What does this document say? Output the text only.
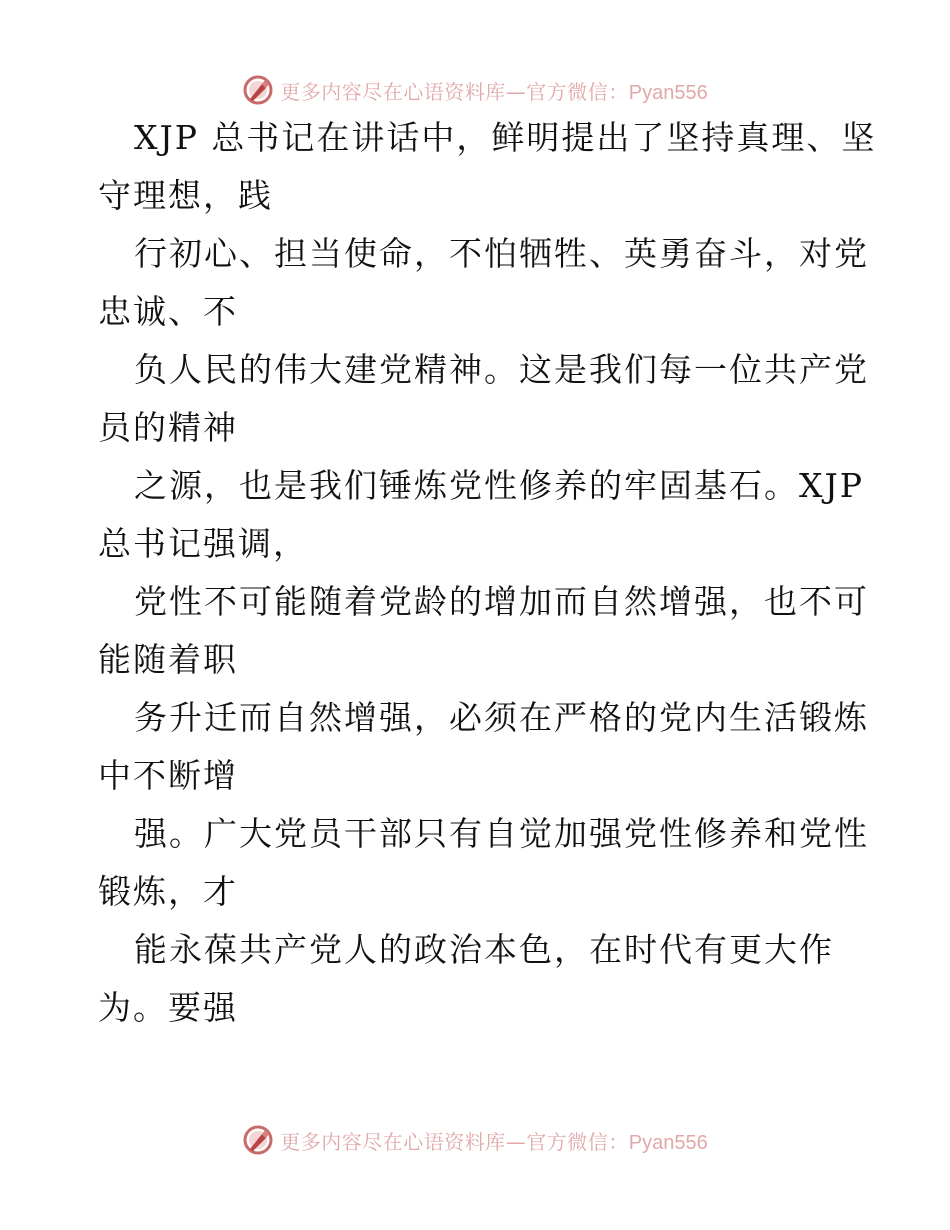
更多内容尽在心语资料库—官方微信：Pyan556
XJP 总书记在讲话中，鲜明提出了坚持真理、坚
守理想，践
行初心、担当使命，不怕牺牲、英勇奋斗，对党
忠诚、不
负人民的伟大建党精神。这是我们每一位共产党
员的精神
之源，也是我们锤炼党性修养的牢固基石。XJP
总书记强调，
党性不可能随着党龄的增加而自然增强，也不可
能随着职
务升迁而自然增强，必须在严格的党内生活锻炼
中不断增
强。广大党员干部只有自觉加强党性修养和党性
锻炼，才
能永葆共产党人的政治本色，在时代有更大作
为。要强
更多内容尽在心语资料库—官方微信：Pyan556
